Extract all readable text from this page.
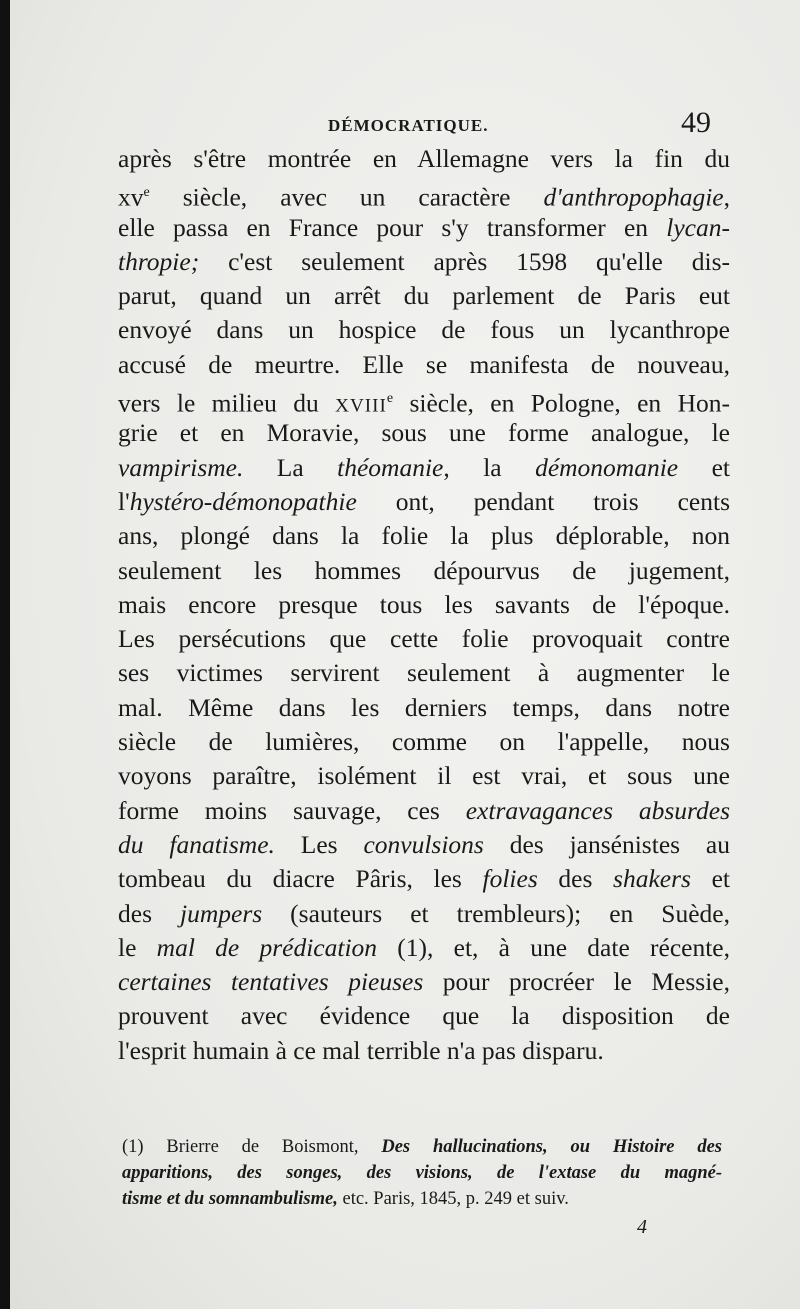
DÉMOCRATIQUE.	49
après s'être montrée en Allemagne vers la fin du
$xv^e$ siècle, avec un caractère d'anthropophagie,
elle passa en France pour s'y transformer en lycan-
thropie; c'est seulement après 1598 qu'elle dis-
parut, quand un arrêt du parlement de Paris eut
envoyé dans un hospice de fous un lycanthrope
accusé de meurtre. Elle se manifesta de nouveau,
vers le milieu du XVIIIe siècle, en Pologne, en Hon-
grie et en Moravie, sous une forme analogue, le
vampirisme. La théomanie, la démonomanie et
l'hystéro-démonopathie ont, pendant trois cents
ans, plongé dans la folie la plus déplorable, non
seulement les hommes dépourvus de jugement,
mais encore presque tous les savants de l'époque.
Les persécutions que cette folie provoquait contre
ses victimes servirent seulement à augmenter le
mal. Même dans les derniers temps, dans notre
siècle de lumières, comme on l'appelle, nous
voyons paraître, isolément il est vrai, et sous une
forme moins sauvage, ces extravagances absurdes
du fanatisme. Les convulsions des jansénistes au
tombeau du diacre Pâris, les folies des shakers et
des jumpers (sauteurs et trembleurs); en Suède,
le mal de prédication (1), et, à une date récente,
certaines tentatives pieuses pour procréer le Messie,
prouvent avec évidence que la disposition de
l'esprit humain à ce mal terrible n'a pas disparu.
(1) Brierre de Boismont, Des hallucinations, ou Histoire des
apparitions, des songes, des visions, de l'extase du magné-
tisme et du somnambulisme, etc. Paris, 1845, p. 249 et suiv.
4
